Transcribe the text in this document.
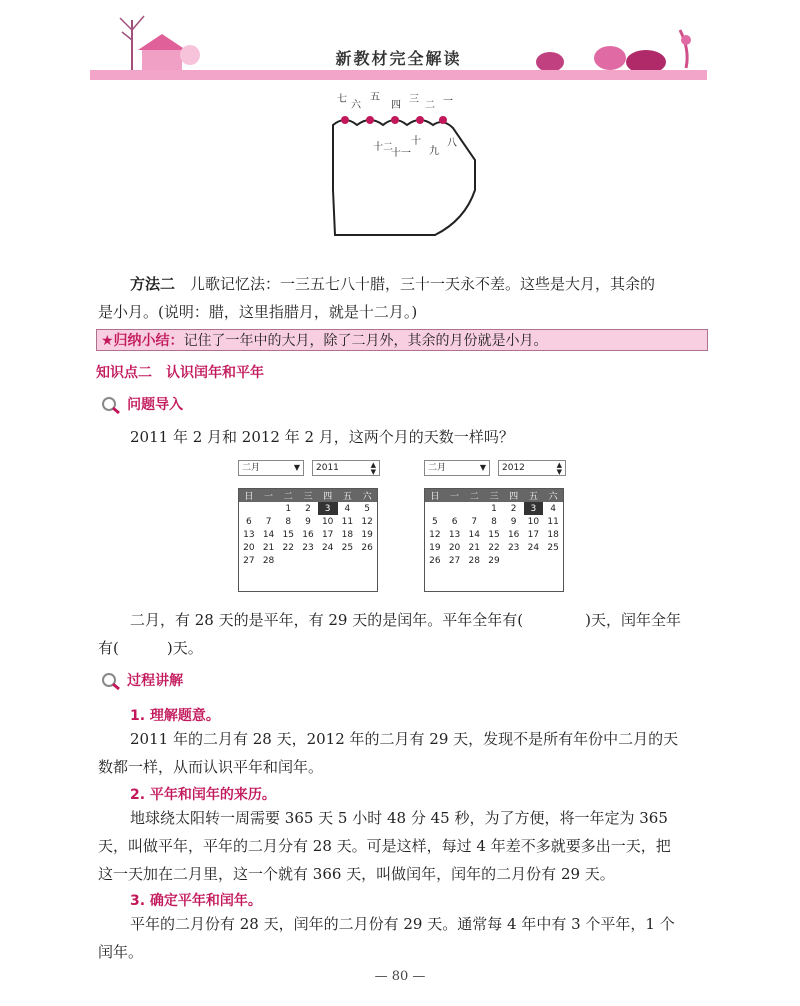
新教材完全解读
七
六
五
四
三
二 一
十二
十一
十
九
八

方法二　 儿歌记忆法：一三五七八十腊，三十一天永不差。这些是大月，其余的

是小月。(说明：腊，这里指腊月，就是十二月。)

★归纳小结：记住了一年中的大月，除了二月外，其余的月份就是小月。
知识点二　认识闰年和平年
问题导入

2011 年 2 月和 2012 年 2 月，这两个月的天数一样吗？

二月	▼	2011	▲
▼
日	一	二	三	四	五	六
		1	2	3	4	5
6	7	8	9	10	11	12
13	14	15	16	17	18	19
20	21	22	23	24	25	26
27	28					
二月	▼	2012	▲
▼
日	一	二	三	四	五	六
			1	2	3	4
5	6	7	8	9	10	11
12	13	14	15	16	17	18
19	20	21	22	23	24	25
26	27	28	29			

二月，有 28 天的是平年，有 29 天的是闰年。平年全年有(	)天，闰年全年

有(	)天。

过程讲解
1. 理解题意。

2011 年的二月有 28 天，2012 年的二月有 29 天，发现不是所有年份中二月的天

数都一样，从而认识平年和闰年。

2. 平年和闰年的来历。

地球绕太阳转一周需要 365 天 5 小时 48 分 45 秒，为了方便，将一年定为 365

天，叫做平年，平年的二月分有 28 天。可是这样，每过 4 年差不多就要多出一天，把

这一天加在二月里，这一个就有 366 天，叫做闰年，闰年的二月份有 29 天。

3. 确定平年和闰年。

平年的二月份有 28 天，闰年的二月份有 29 天。通常每 4 年中有 3 个平年，1 个

闰年。

— 80 —
